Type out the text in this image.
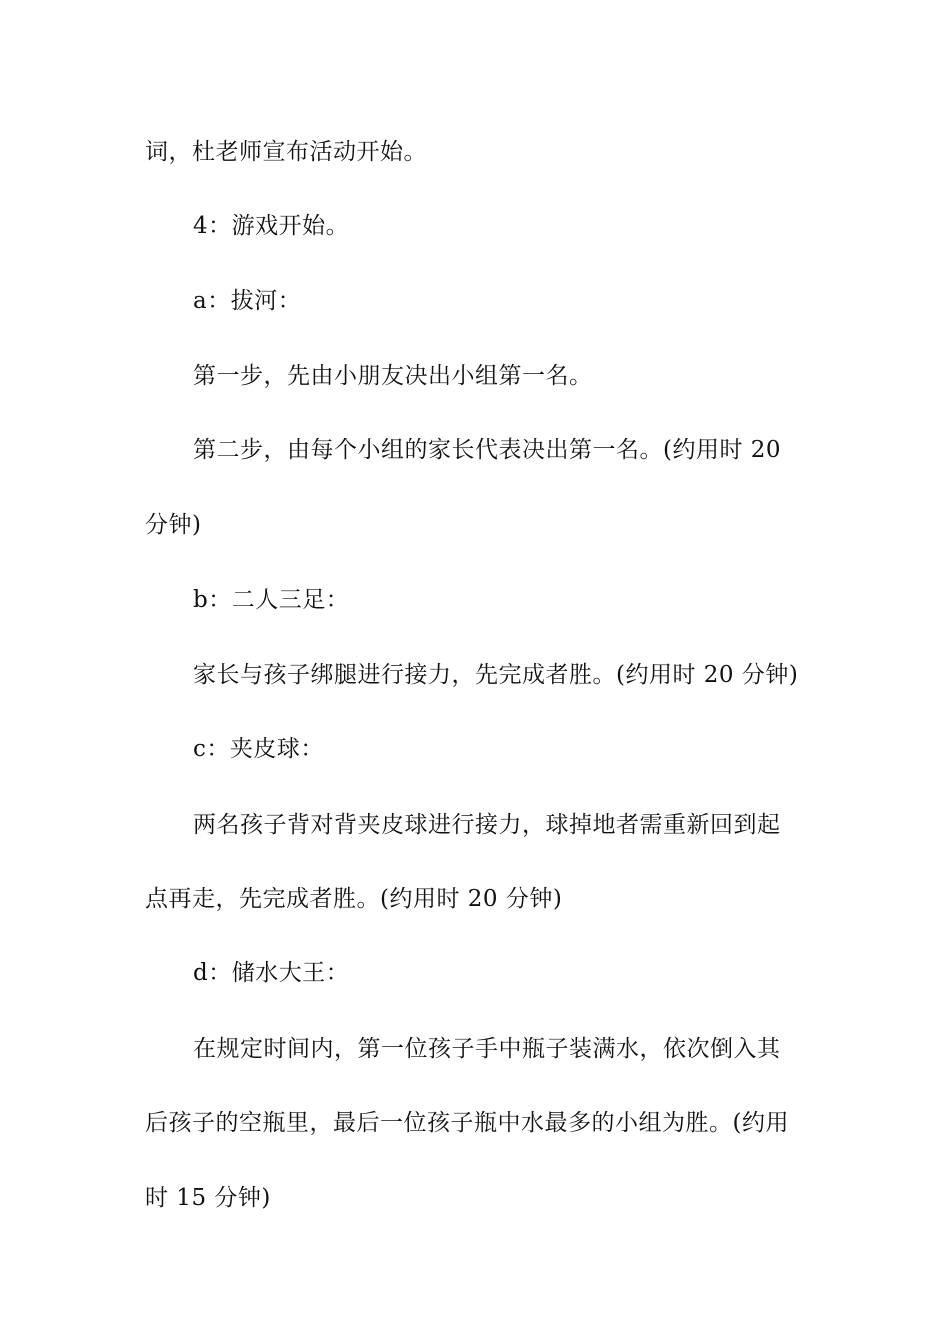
词，杜老师宣布活动开始。
4：游戏开始。
a：拔河：
第一步，先由小朋友决出小组第一名。
第二步，由每个小组的家长代表决出第一名。(约用时 20
分钟)
b：二人三足：
家长与孩子绑腿进行接力，先完成者胜。(约用时 20 分钟)
c：夹皮球：
两名孩子背对背夹皮球进行接力，球掉地者需重新回到起
点再走，先完成者胜。(约用时 20 分钟)
d：储水大王：
在规定时间内，第一位孩子手中瓶子装满水，依次倒入其
后孩子的空瓶里，最后一位孩子瓶中水最多的小组为胜。(约用
时 15 分钟)
